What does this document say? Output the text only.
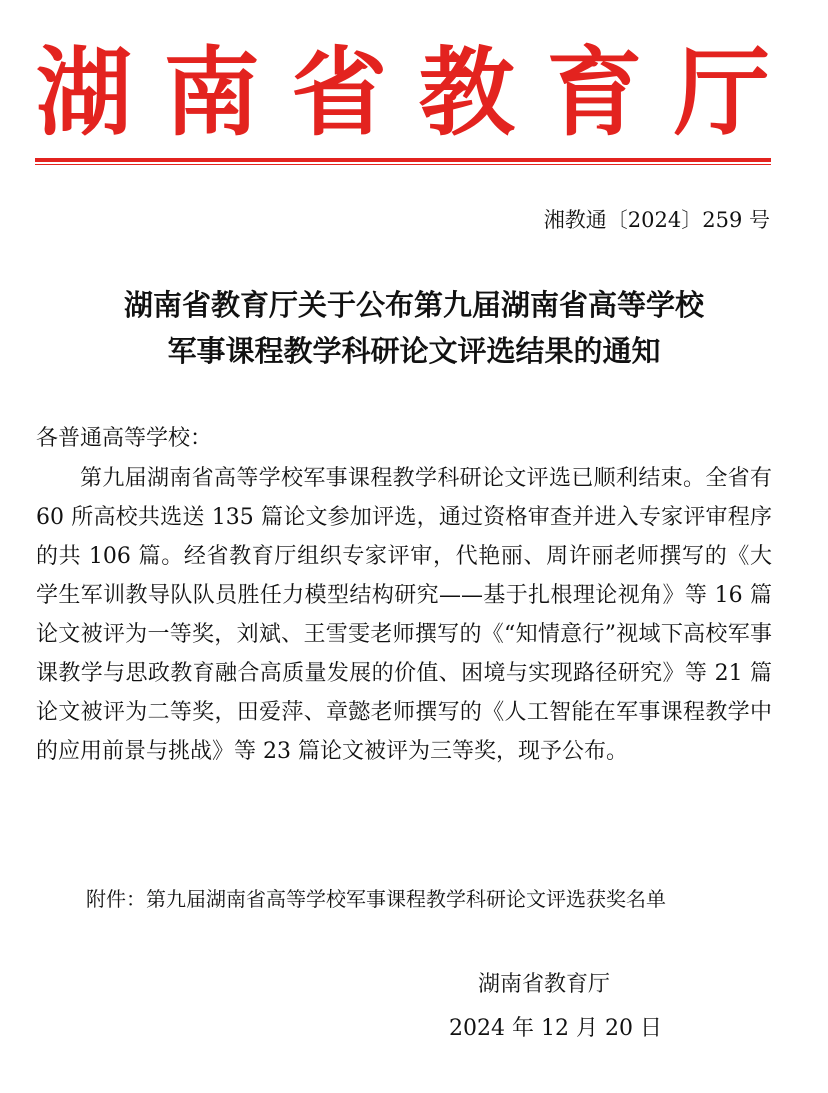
湖 南 省 教 育 厅
湘教通〔2024〕259 号
湖南省教育厅关于公布第九届湖南省高等学校
军事课程教学科研论文评选结果的通知
各普通高等学校：
第九届湖南省高等学校军事课程教学科研论文评选已顺利结束。全省有 60 所高校共选送 135 篇论文参加评选，通过资格审查并进入专家评审程序的共 106 篇。经省教育厅组织专家评审，代艳丽、周许丽老师撰写的《大学生军训教导队队员胜任力模型结构研究——基于扎根理论视角》等 16 篇论文被评为一等奖，刘斌、王雪雯老师撰写的《“知情意行”视域下高校军事课教学与思政教育融合高质量发展的价值、困境与实现路径研究》等 21 篇论文被评为二等奖，田爱萍、章懿老师撰写的《人工智能在军事课程教学中的应用前景与挑战》等 23 篇论文被评为三等奖，现予公布。
附件：第九届湖南省高等学校军事课程教学科研论文评选获奖名单
湖南省教育厅
2024 年 12 月 20 日
